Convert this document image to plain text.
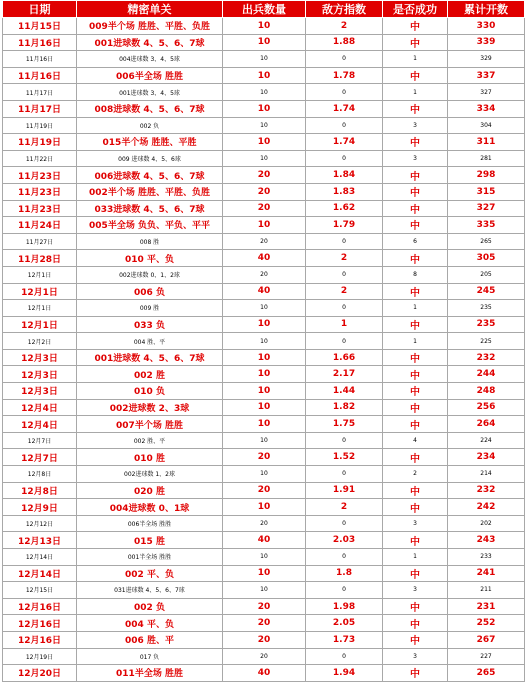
日期	精密单关	出兵数量	敌方指数	是否成功	累计开数
11月15日	009半个场 胜胜、平胜、负胜	10	2	中	330
11月16日	001进球数 4、5、6、7球	10	1.88	中	339
11月16日	004进球数 3、4、5球	10	0	1	329
11月16日	006半全场 胜胜	10	1.78	中	337
11月17日	001进球数 3、4、5球	10	0	1	327
11月17日	008进球数 4、5、6、7球	10	1.74	中	334
11月19日	002 负	10	0	3	304
11月19日	015半个场 胜胜、平胜	10	1.74	中	311
11月22日	009 进球数 4、5、6球	10	0	3	281
11月23日	006进球数 4、5、6、7球	20	1.84	中	298
11月23日	002半个场 胜胜、平胜、负胜	20	1.83	中	315
11月23日	033进球数 4、5、6、7球	20	1.62	中	327
11月24日	005半全场 负负、平负、平平	10	1.79	中	335
11月27日	008 胜	20	0	6	265
11月28日	010 平、负	40	2	中	305
12月1日	002进球数 0、1、2球	20	0	8	205
12月1日	006 负	40	2	中	245
12月1日	009 胜	10	0	1	235
12月1日	033 负	10	1	中	235
12月2日	004 胜、平	10	0	1	225
12月3日	001进球数 4、5、6、7球	10	1.66	中	232
12月3日	002 胜	10	2.17	中	244
12月3日	010 负	10	1.44	中	248
12月4日	002进球数 2、3球	10	1.82	中	256
12月4日	007半个场 胜胜	10	1.75	中	264
12月7日	002 胜、平	10	0	4	224
12月7日	010 胜	20	1.52	中	234
12月8日	002进球数 1、2球	10	0	2	214
12月8日	020 胜	20	1.91	中	232
12月9日	004进球数 0、1球	10	2	中	242
12月12日	006半全场 胜胜	20	0	3	202
12月13日	015 胜	40	2.03	中	243
12月14日	001半全场 胜胜	10	0	1	233
12月14日	002 平、负	10	1.8	中	241
12月15日	031进球数 4、5、6、7球	10	0	3	211
12月16日	002 负	20	1.98	中	231
12月16日	004 平、负	20	2.05	中	252
12月16日	006 胜、平	20	1.73	中	267
12月19日	017 负	20	0	3	227
12月20日	011半全场 胜胜	40	1.94	中	265
